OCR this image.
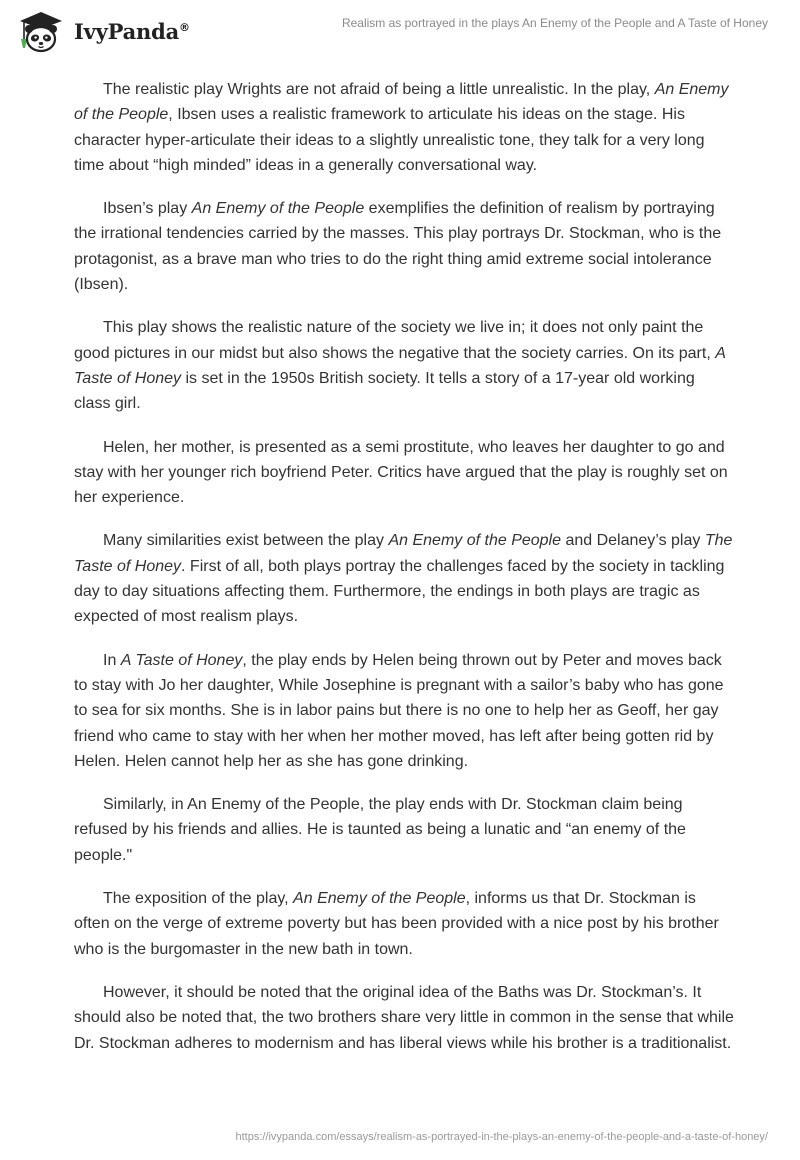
IvyPanda®	Realism as portrayed in the plays An Enemy of the People and A Taste of Honey

The realistic play Wrights are not afraid of being a little unrealistic. In the play, An Enemy of the People, Ibsen uses a realistic framework to articulate his ideas on the stage. His character hyper-articulate their ideas to a slightly unrealistic tone, they talk for a very long time about “high minded” ideas in a generally conversational way.

Ibsen’s play An Enemy of the People exemplifies the definition of realism by portraying the irrational tendencies carried by the masses. This play portrays Dr. Stockman, who is the protagonist, as a brave man who tries to do the right thing amid extreme social intolerance (Ibsen).

This play shows the realistic nature of the society we live in; it does not only paint the good pictures in our midst but also shows the negative that the society carries. On its part, A Taste of Honey is set in the 1950s British society. It tells a story of a 17-year old working class girl.

Helen, her mother, is presented as a semi prostitute, who leaves her daughter to go and stay with her younger rich boyfriend Peter. Critics have argued that the play is roughly set on her experience.

Many similarities exist between the play An Enemy of the People and Delaney’s play The Taste of Honey. First of all, both plays portray the challenges faced by the society in tackling day to day situations affecting them. Furthermore, the endings in both plays are tragic as expected of most realism plays.

In A Taste of Honey, the play ends by Helen being thrown out by Peter and moves back to stay with Jo her daughter, While Josephine is pregnant with a sailor’s baby who has gone to sea for six months. She is in labor pains but there is no one to help her as Geoff, her gay friend who came to stay with her when her mother moved, has left after being gotten rid by Helen. Helen cannot help her as she has gone drinking.

Similarly, in An Enemy of the People, the play ends with Dr. Stockman claim being refused by his friends and allies. He is taunted as being a lunatic and “an enemy of the people."

The exposition of the play, An Enemy of the People, informs us that Dr. Stockman is often on the verge of extreme poverty but has been provided with a nice post by his brother who is the burgomaster in the new bath in town.

However, it should be noted that the original idea of the Baths was Dr. Stockman’s. It should also be noted that, the two brothers share very little in common in the sense that while Dr. Stockman adheres to modernism and has liberal views while his brother is a traditionalist.

https://ivypanda.com/essays/realism-as-portrayed-in-the-plays-an-enemy-of-the-people-and-a-taste-of-honey/
